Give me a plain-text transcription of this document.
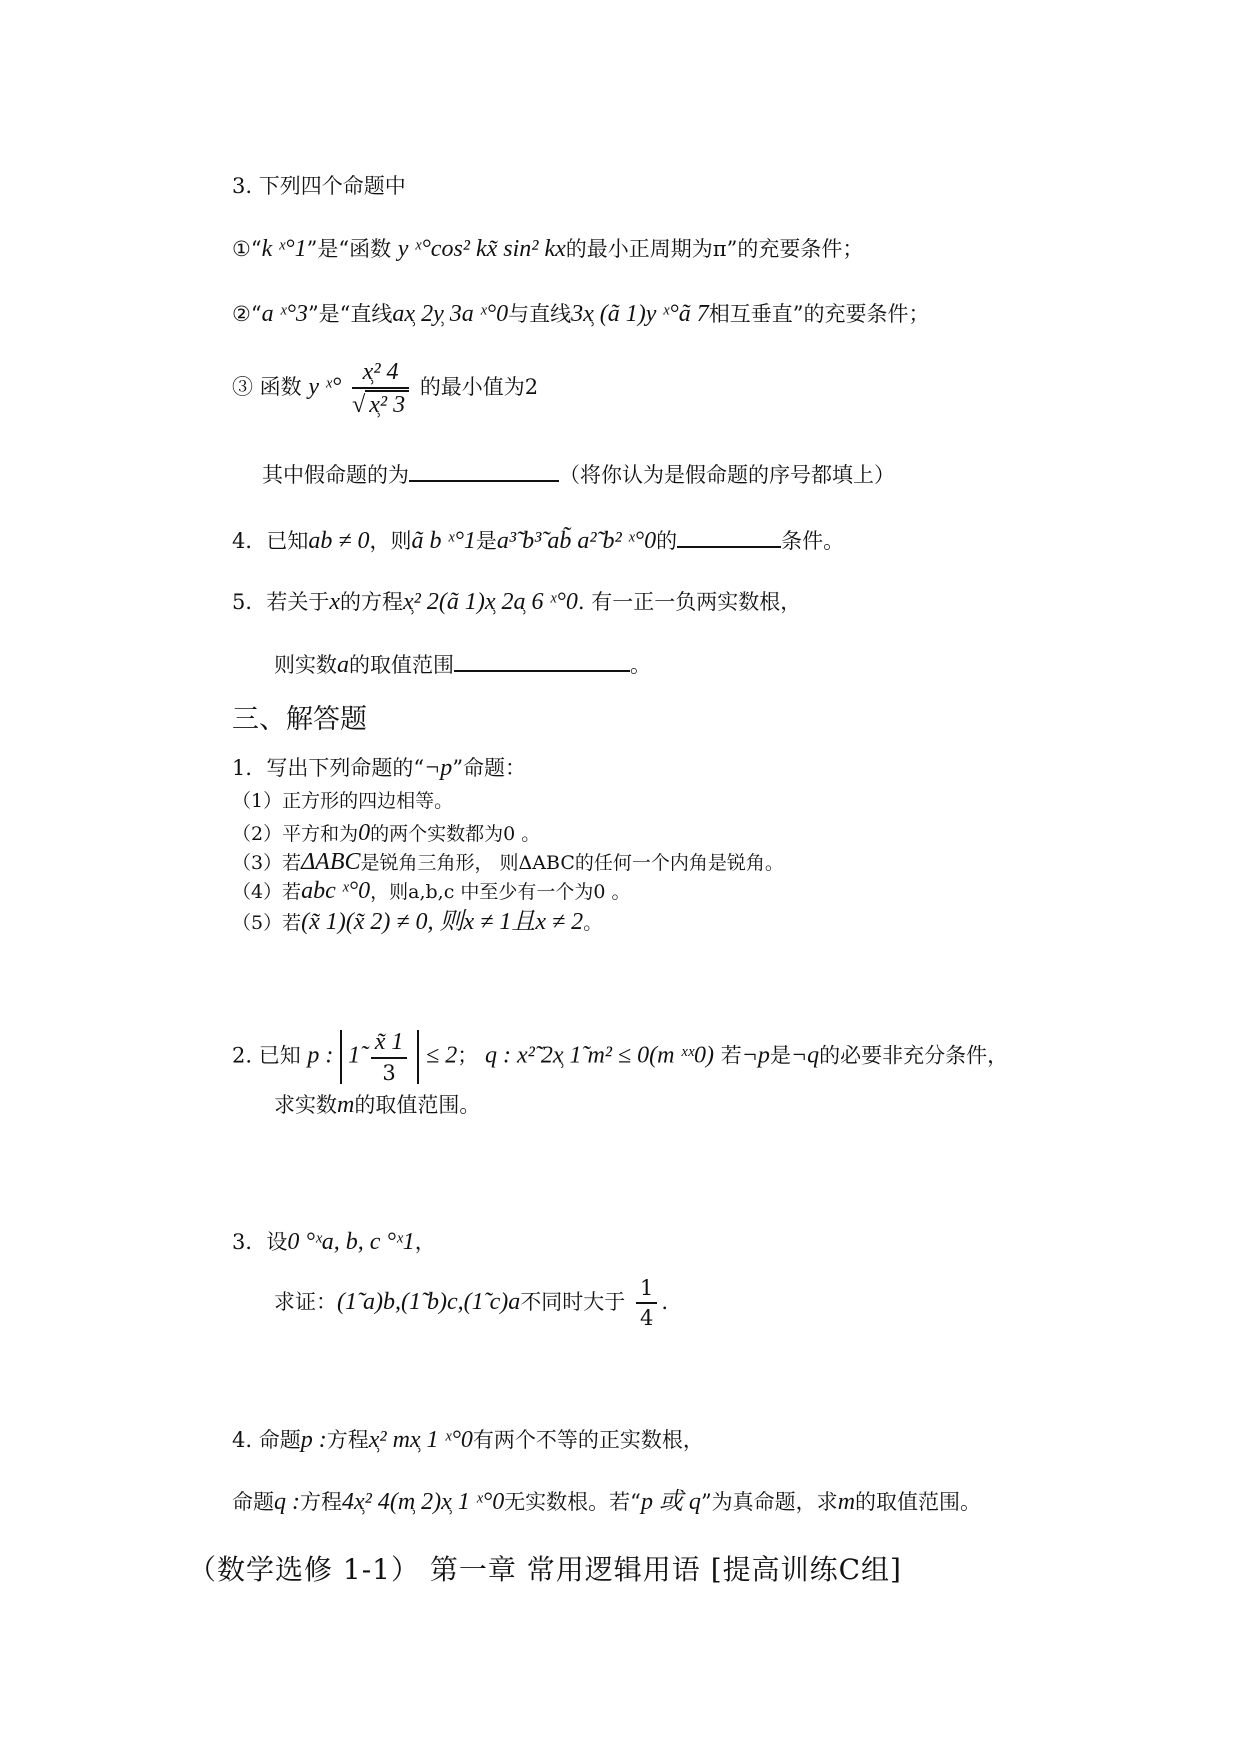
3. 下列四个命题中
①“k ˣ°1”是“函数 y ˣ°cos² kx̃ sin² kx的最小正周期为π”的充要条件；
②“a ˣ°3”是“直线ax̹ 2y̹ 3a ˣ°0与直线3x̹ (ã 1)y ˣ°ã 7相互垂直”的充要条件；
③ 函数 y ˣ° $\frac{\text{x̹² 4}}{\text{√ x̹² 3}}$ 的最小值为2
其中假命题的为	（将你认为是假命题的序号都填上）
4．已知ab ≠ 0，则ã b ˣ°1是a³̃ b³̃ ab̃ a²̃ b² ˣ°0的	条件。
5．若关于x的方程x̹² 2(ã 1)x̹ 2a̹ 6 ˣ°0. 有一正一负两实数根，
则实数a的取值范围	。
三、解答题
1．写出下列命题的“¬p”命题：
（1）正方形的四边相等。
（2）平方和为0的两个实数都为0 。
（3）若ΔABC是锐角三角形， 则ΔABC的任何一个内角是锐角。
（4）若abc ˣ°0，则a,b,c 中至少有一个为0 。
（5）若(x̃ 1)(x̃ 2) ≠ 0, 则x ≠ 1且x ≠ 2。
2. 已知 p : 1̃ $\frac{x̃ 1}{3} \le 2$； q : x²̃ 2x̹ 1̃ m² ≤ 0(m ˣˣ0) 若¬p是¬q的必要非充分条件，
求实数m的取值范围。
3．设0 °ˣa, b, c °ˣ1，
求证：(1̃ a)b,(1̃ b)c,(1̃ c)a不同时大于 $\frac{1}{4}$ .
4. 命题p :方程x̹² mx̹ 1 ˣ°0有两个不等的正实数根，
命题q :方程4x̹² 4(m̹ 2)x̹ 1 ˣ°0无实数根。若“p 或 q”为真命题，求m的取值范围。
（数学选修 1-1） 第一章 常用逻辑用语 [提高训练C组]
